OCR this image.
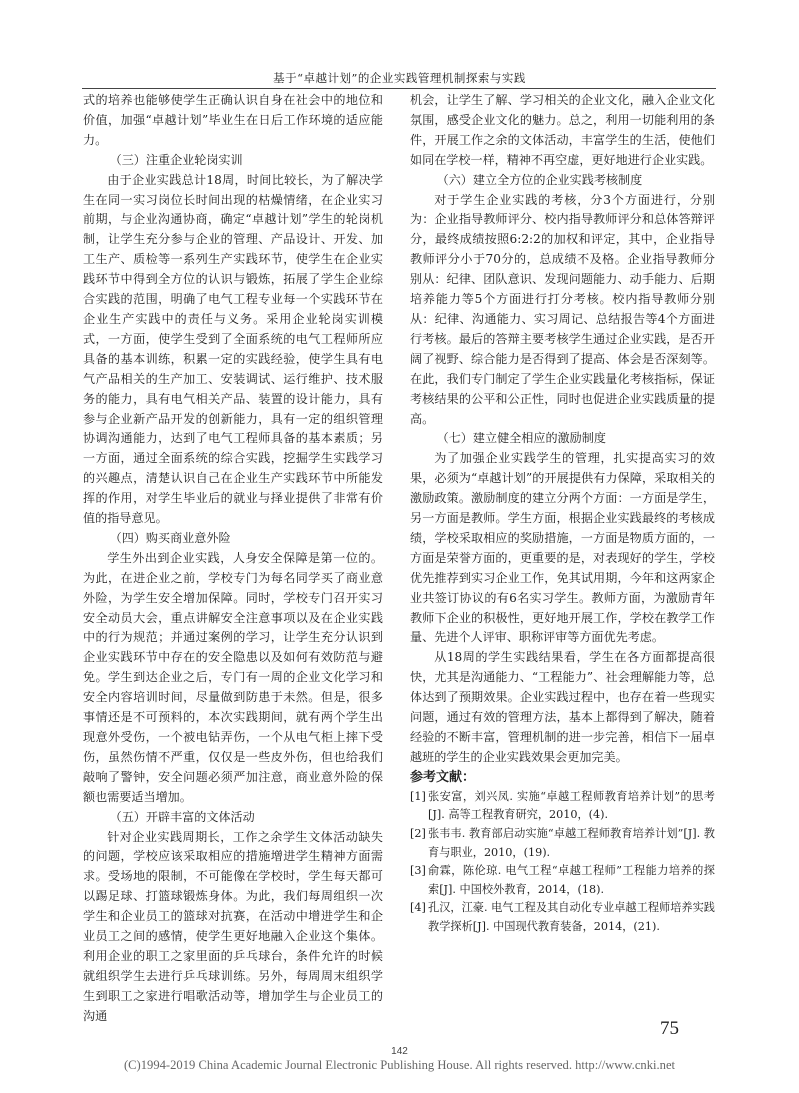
基于“卓越计划”的企业实践管理机制探索与实践

式的培养也能够使学生正确认识自身在社会中的地位和价值，加强“卓越计划”毕业生在日后工作环境的适应能力。

（三）注重企业轮岗实训

由于企业实践总计18周，时间比较长，为了解决学生在同一实习岗位长时间出现的枯燥情绪，在企业实习前期，与企业沟通协商，确定“卓越计划”学生的轮岗机制，让学生充分参与企业的管理、产品设计、开发、加工生产、质检等一系列生产实践环节，使学生在企业实践环节中得到全方位的认识与锻炼，拓展了学生企业综合实践的范围，明确了电气工程专业每一个实践环节在企业生产实践中的责任与义务。采用企业轮岗实训模式，一方面，使学生受到了全面系统的电气工程师所应具备的基本训练，积累一定的实践经验，使学生具有电气产品相关的生产加工、安装调试、运行维护、技术服务的能力，具有电气相关产品、装置的设计能力，具有参与企业新产品开发的创新能力，具有一定的组织管理协调沟通能力，达到了电气工程师具备的基本素质；另一方面，通过全面系统的综合实践，挖掘学生实践学习的兴趣点，清楚认识自己在企业生产实践环节中所能发挥的作用，对学生毕业后的就业与择业提供了非常有价值的指导意见。

（四）购买商业意外险

学生外出到企业实践，人身安全保障是第一位的。为此，在进企业之前，学校专门为每名同学买了商业意外险，为学生安全增加保障。同时，学校专门召开实习安全动员大会，重点讲解安全注意事项以及在企业实践中的行为规范；并通过案例的学习，让学生充分认识到企业实践环节中存在的安全隐患以及如何有效防范与避免。学生到达企业之后，专门有一周的企业文化学习和安全内容培训时间，尽量做到防患于未然。但是，很多事情还是不可预料的，本次实践期间，就有两个学生出现意外受伤，一个被电钻弄伤，一个从电气柜上摔下受伤，虽然伤情不严重，仅仅是一些皮外伤，但也给我们敲响了警钟，安全问题必须严加注意，商业意外险的保额也需要适当增加。

（五）开辟丰富的文体活动

针对企业实践周期长，工作之余学生文体活动缺失的问题，学校应该采取相应的措施增进学生精神方面需求。受场地的限制，不可能像在学校时，学生每天都可以踢足球、打篮球锻炼身体。为此，我们每周组织一次学生和企业员工的篮球对抗赛，在活动中增进学生和企业员工之间的感情，使学生更好地融入企业这个集体。利用企业的职工之家里面的乒乓球台，条件允许的时候就组织学生去进行乒乓球训练。另外，每周周末组织学生到职工之家进行唱歌活动等，增加学生与企业员工的沟通

机会，让学生了解、学习相关的企业文化，融入企业文化氛围，感受企业文化的魅力。总之，利用一切能利用的条件，开展工作之余的文体活动，丰富学生的生活，使他们如同在学校一样，精神不再空虚，更好地进行企业实践。

（六）建立全方位的企业实践考核制度

对于学生企业实践的考核，分3个方面进行，分别为：企业指导教师评分、校内指导教师评分和总体答辩评分，最终成绩按照6:2:2的加权和评定，其中，企业指导教师评分小于70分的，总成绩不及格。企业指导教师分别从：纪律、团队意识、发现问题能力、动手能力、后期培养能力等5个方面进行打分考核。校内指导教师分别从：纪律、沟通能力、实习周记、总结报告等4个方面进行考核。最后的答辩主要考核学生通过企业实践，是否开阔了视野、综合能力是否得到了提高、体会是否深刻等。在此，我们专门制定了学生企业实践量化考核指标，保证考核结果的公平和公正性，同时也促进企业实践质量的提高。

（七）建立健全相应的激励制度

为了加强企业实践学生的管理，扎实提高实习的效果，必须为“卓越计划”的开展提供有力保障，采取相关的激励政策。激励制度的建立分两个方面：一方面是学生，另一方面是教师。学生方面，根据企业实践最终的考核成绩，学校采取相应的奖励措施，一方面是物质方面的，一方面是荣誉方面的，更重要的是，对表现好的学生，学校优先推荐到实习企业工作，免其试用期，今年和这两家企业共签订协议的有6名实习学生。教师方面，为激励青年教师下企业的积极性，更好地开展工作，学校在教学工作量、先进个人评审、职称评审等方面优先考虑。

从18周的学生实践结果看，学生在各方面都提高很快，尤其是沟通能力、“工程能力”、社会理解能力等，总体达到了预期效果。企业实践过程中，也存在着一些现实问题，通过有效的管理方法，基本上都得到了解决，随着经验的不断丰富，管理机制的进一步完善，相信下一届卓越班的学生的企业实践效果会更加完美。

参考文献：

[1] 张安富，刘兴凤. 实施“卓越工程师教育培养计划”的思考[J]. 高等工程教育研究，2010，(4).
[2] 张韦韦. 教育部启动实施“卓越工程师教育培养计划”[J]. 教育与职业，2010，(19).
[3] 俞霖，陈伦琼. 电气工程“卓越工程师”工程能力培养的探索[J]. 中国校外教育，2014，(18).
[4] 孔汉，江豪. 电气工程及其自动化专业卓越工程师培养实践教学探析[J]. 中国现代教育装备，2014，(21).
75
142
(C)1994-2019 China Academic Journal Electronic Publishing House. All rights reserved. http://www.cnki.net
